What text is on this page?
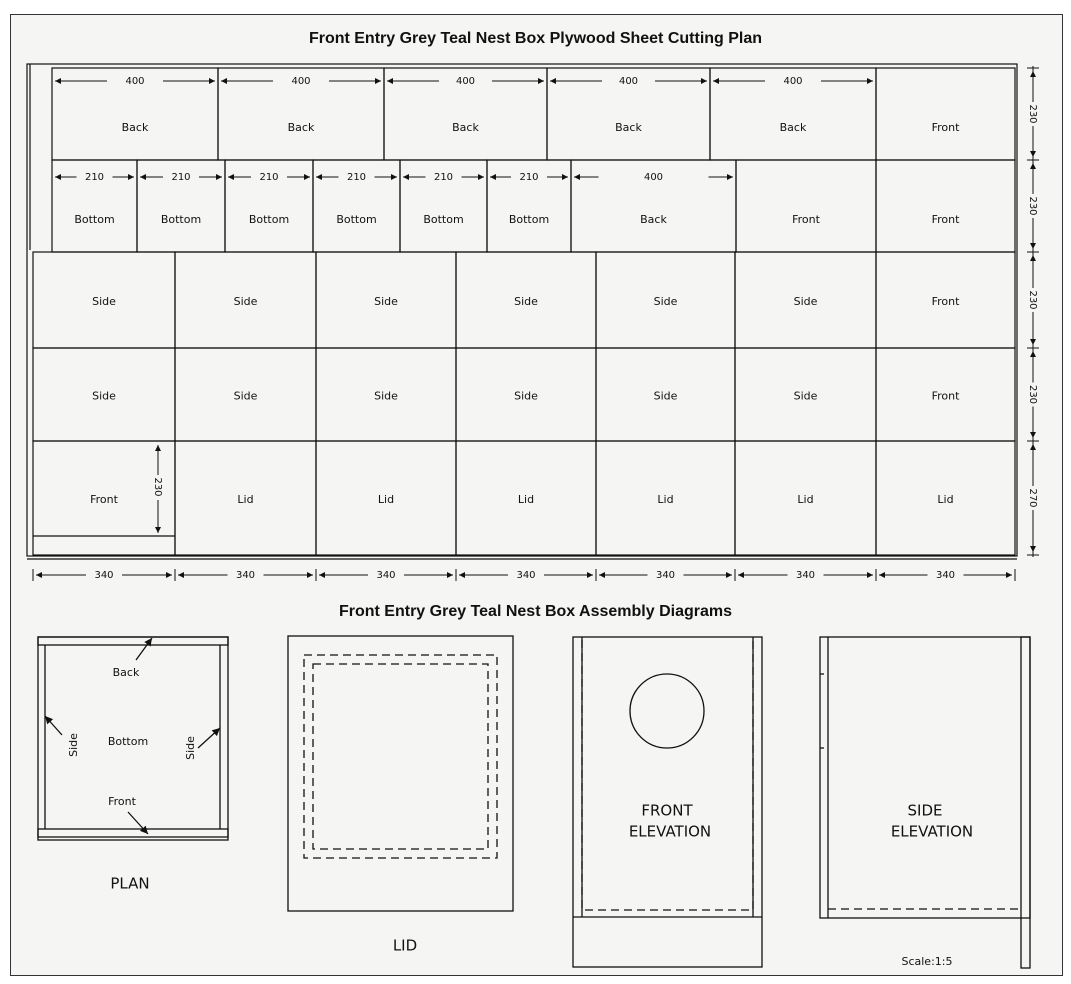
Front Entry Grey Teal Nest Box Plywood Sheet Cutting Plan
Front Entry Grey Teal Nest Box Assembly Diagrams
Back	Back	Back	Back	Back	Front
Bottom	Bottom	Bottom	Bottom	Bottom	Bottom	Back	Front	Front
Side	Side	Side	Side	Side	Side	Front
Side	Side	Side	Side	Side	Side	Front
Front	Lid	Lid	Lid	Lid	Lid	Lid
400	400	400	400	400
210	210	210	210	210	210	400
230
230
230
230
230
270
340	340	340	340	340	340	340
Back
Bottom
Front
Side	Side
PLAN
LID
FRONT
ELEVATION
SIDE
ELEVATION
Scale:1:5
